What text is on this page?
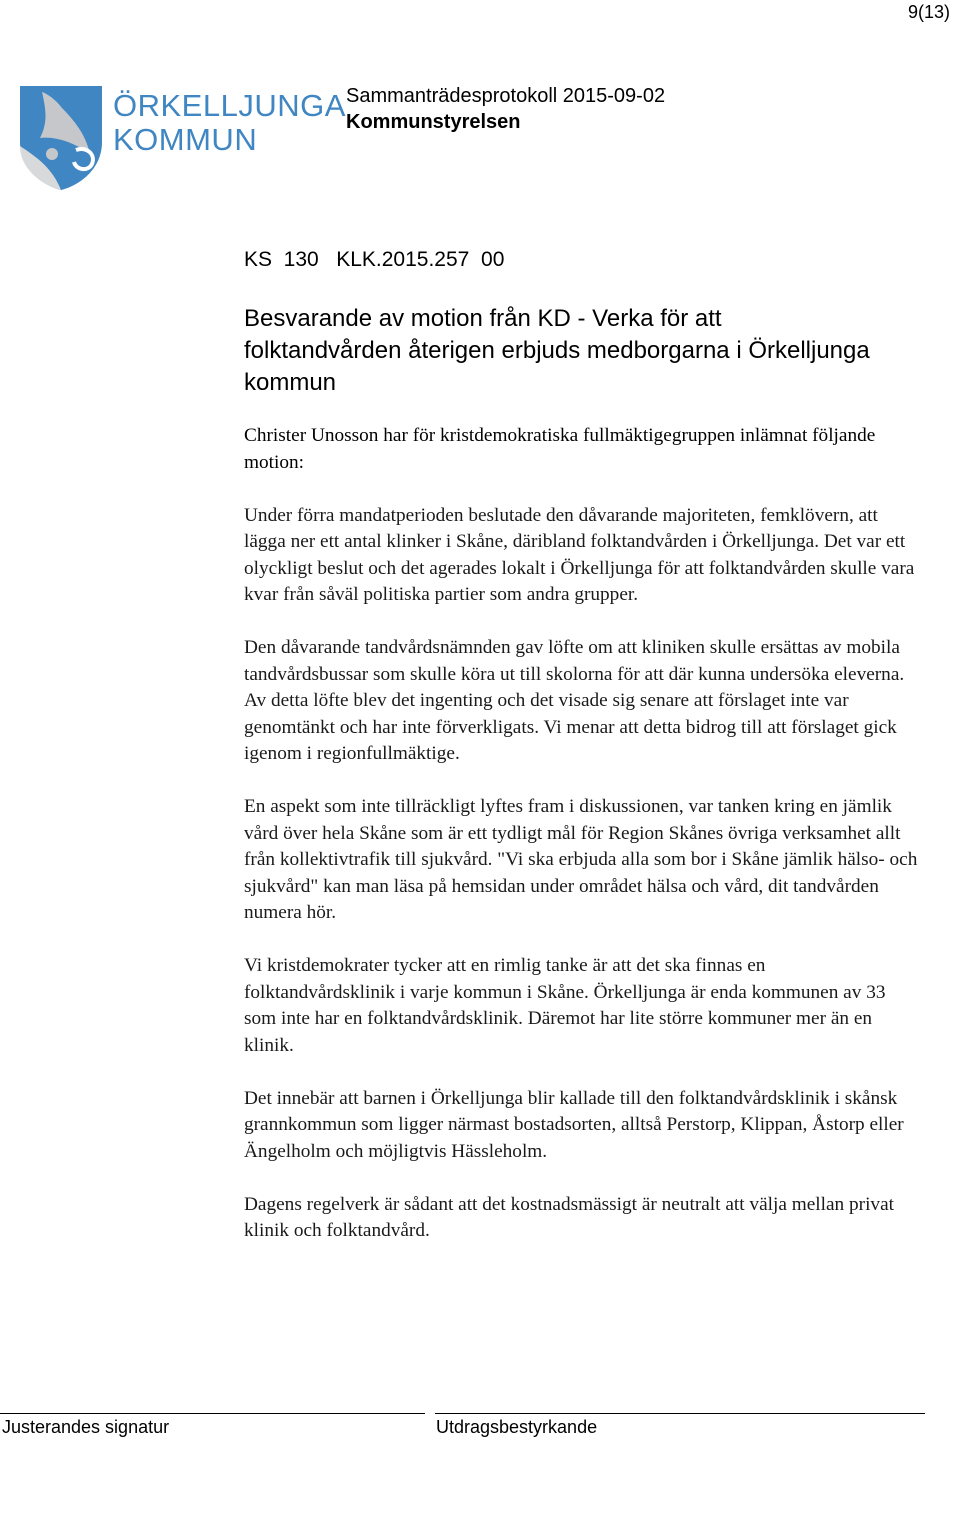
9(13)
ÖRKELLJUNGA
KOMMUN
Sammanträdesprotokoll 2015-09-02
Kommunstyrelsen
KS  130   KLK.2015.257  00
Besvarande av motion från KD - Verka för att folktandvården återigen erbjuds medborgarna i Örkelljunga kommun

Christer Unosson har för kristdemokratiska fullmäktigegruppen inlämnat följande motion:

Under förra mandatperioden beslutade den dåvarande majoriteten, femklövern, att lägga ner ett antal klinker i Skåne, däribland folktandvården i Örkelljunga. Det var ett olyckligt beslut och det agerades lokalt i Örkelljunga för att folktandvården skulle vara kvar från såväl politiska partier som andra grupper.

Den dåvarande tandvårdsnämnden gav löfte om att kliniken skulle ersättas av mobila tandvårdsbussar som skulle köra ut till skolorna för att där kunna undersöka eleverna. Av detta löfte blev det ingenting och det visade sig senare att förslaget inte var genomtänkt och har inte förverkligats. Vi menar att detta bidrog till att förslaget gick igenom i regionfullmäktige.

En aspekt som inte tillräckligt lyftes fram i diskussionen, var tanken kring en jämlik vård över hela Skåne som är ett tydligt mål för Region Skånes övriga verksamhet allt från kollektivtrafik till sjukvård. "Vi ska erbjuda alla som bor i Skåne jämlik hälso- och sjukvård" kan man läsa på hemsidan under området hälsa och vård, dit tandvården numera hör.

Vi kristdemokrater tycker att en rimlig tanke är att det ska finnas en folktandvårdsklinik i varje kommun i Skåne. Örkelljunga är enda kommunen av 33 som inte har en folktandvårdsklinik. Däremot har lite större kommuner mer än en klinik.

Det innebär att barnen i Örkelljunga blir kallade till den folktandvårdsklinik i skånsk grannkommun som ligger närmast bostadsorten, alltså Perstorp, Klippan, Åstorp eller Ängelholm och möjligtvis Hässleholm.

Dagens regelverk är sådant att det kostnadsmässigt är neutralt att välja mellan privat klinik och folktandvård.

Justerandes signatur	Utdragsbestyrkande
